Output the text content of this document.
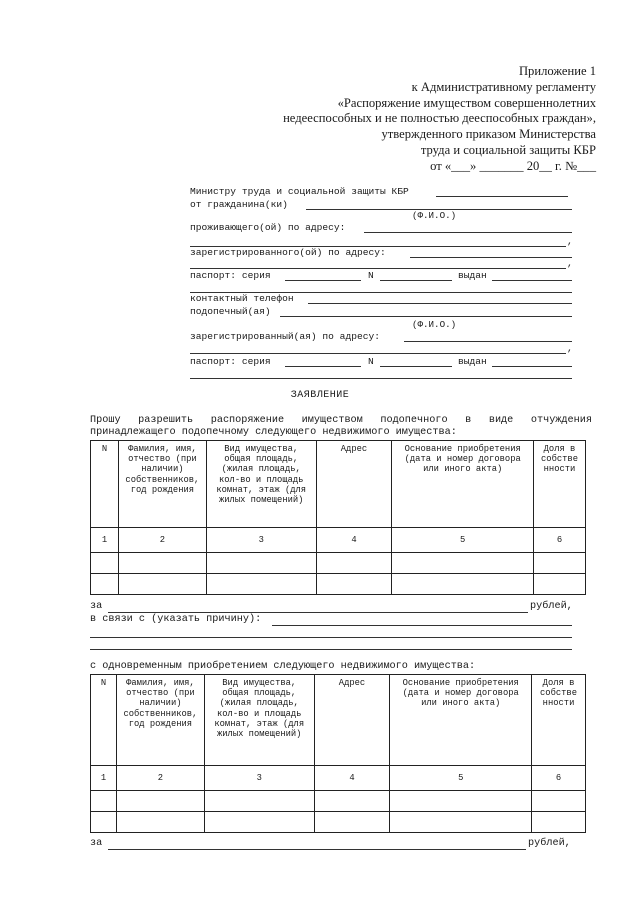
Приложение 1
к Административному регламенту
«Распоряжение имуществом совершеннолетних
недееспособных и не полностью дееспособных граждан»,
утвержденного приказом Министерства
труда и социальной защиты КБР
от «___» _______ 20__ г. №___
Министру труда и социальной защиты КБР
от гражданина(ки)
(Ф.И.О.)
проживающего(ой) по адресу:
,
зарегистрированного(ой) по адресу:
,
паспорт: серия	N	выдан
контактный телефон
подопечный(ая)
(Ф.И.О.)
зарегистрированный(ая) по адресу:
,
паспорт: серия	N	выдан
ЗАЯВЛЕНИЕ
Прошу разрешить распоряжение имуществом подопечного в виде отчуждения принадлежащего подопечному следующего недвижимого имущества:
N	Фамилия, имя, отчество (при наличии) собственников, год рождения	Вид имущества, общая площадь, (жилая площадь, кол-во и площадь комнат, этаж (для жилых помещений)	Адрес	Основание приобретения (дата и номер договора или иного акта)	Доля в собстве нности
1	2	3	4	5	6

за	рублей,
в связи с (указать причину):
с одновременным приобретением следующего недвижимого имущества:
N	Фамилия, имя, отчество (при наличии) собственников, год рождения	Вид имущества, общая площадь, (жилая площадь, кол-во и площадь комнат, этаж (для жилых помещений)	Адрес	Основание приобретения (дата и номер договора или иного акта)	Доля в собстве нности
1	2	3	4	5	6

за	рублей,
